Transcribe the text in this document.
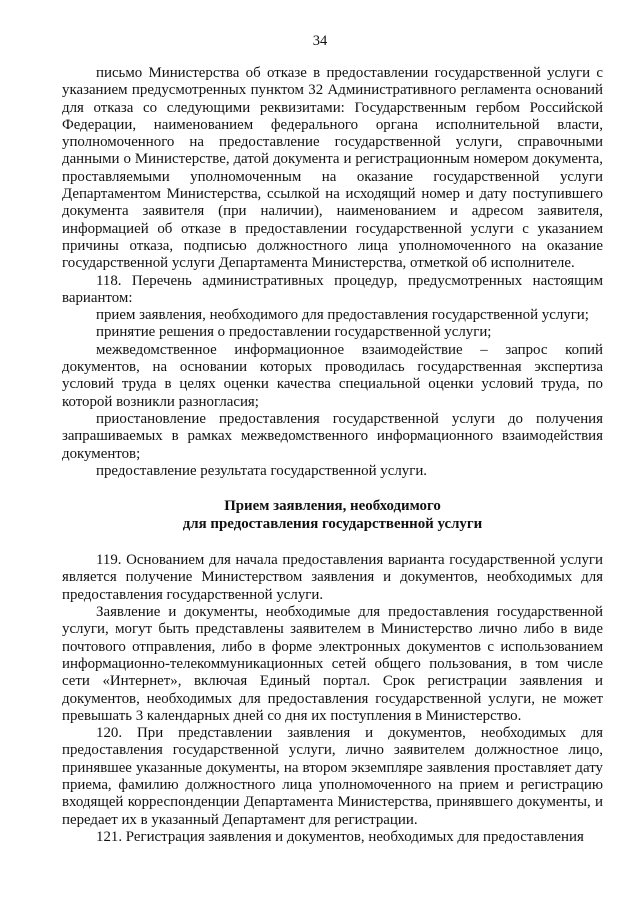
34

письмо Министерства об отказе в предоставлении государственной услуги с указанием предусмотренных пунктом 32 Административного регламента оснований для отказа со следующими реквизитами: Государственным гербом Российской Федерации, наименованием федерального органа исполнительной власти, уполномоченного на предоставление государственной услуги, справочными данными о Министерстве, датой документа и регистрационным номером документа, проставляемыми уполномоченным на оказание государственной услуги Департаментом Министерства, ссылкой на исходящий номер и дату поступившего документа заявителя (при наличии), наименованием и адресом заявителя, информацией об отказе в предоставлении государственной услуги с указанием причины отказа, подписью должностного лица уполномоченного на оказание государственной услуги Департамента Министерства, отметкой об исполнителе.

118. Перечень административных процедур, предусмотренных настоящим вариантом:

прием заявления, необходимого для предоставления государственной услуги;

принятие решения о предоставлении государственной услуги;

межведомственное информационное взаимодействие – запрос копий документов, на основании которых проводилась государственная экспертиза условий труда в целях оценки качества специальной оценки условий труда, по которой возникли разногласия;

приостановление предоставления государственной услуги до получения запрашиваемых в рамках межведомственного информационного взаимодействия документов;

предоставление результата государственной услуги.

Прием заявления, необходимого
для предоставления государственной услуги

119. Основанием для начала предоставления варианта государственной услуги является получение Министерством заявления и документов, необходимых для предоставления государственной услуги.

Заявление и документы, необходимые для предоставления государственной услуги, могут быть представлены заявителем в Министерство лично либо в виде почтового отправления, либо в форме электронных документов с использованием информационно-телекоммуникационных сетей общего пользования, в том числе сети «Интернет», включая Единый портал. Срок регистрации заявления и документов, необходимых для предоставления государственной услуги, не может превышать 3 календарных дней со дня их поступления в Министерство.

120. При представлении заявления и документов, необходимых для предоставления государственной услуги, лично заявителем должностное лицо, принявшее указанные документы, на втором экземпляре заявления проставляет дату приема, фамилию должностного лица уполномоченного на прием и регистрацию входящей корреспонденции Департамента Министерства, принявшего документы, и передает их в указанный Департамент для регистрации.

121. Регистрация заявления и документов, необходимых для предоставления
